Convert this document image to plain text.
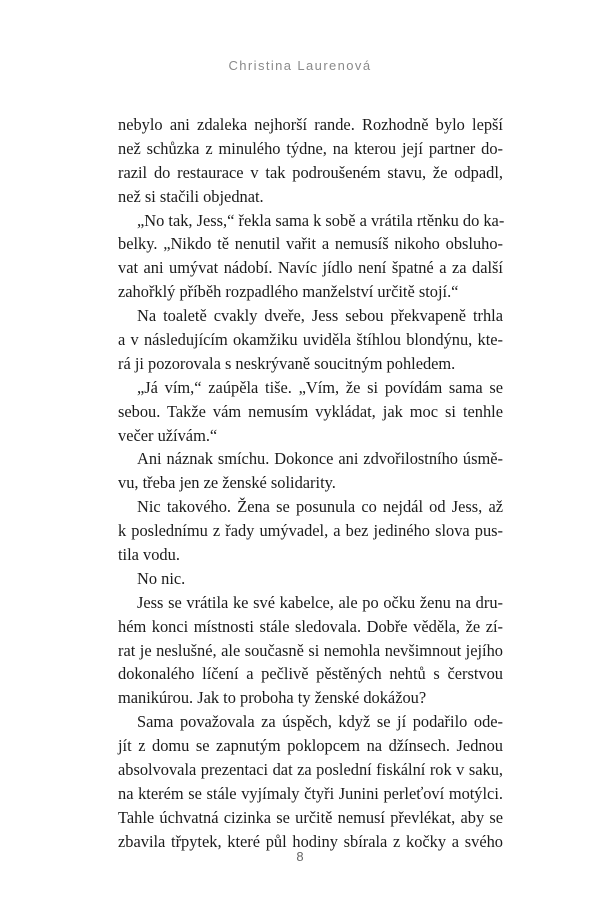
Christina Laurenová
nebylo ani zdaleka nejhorší rande. Rozhodně bylo lepší
než schůzka z minulého týdne, na kterou její partner do-
razil do restaurace v tak podroušeném stavu, že odpadl,
než si stačili objednat.
„No tak, Jess,“ řekla sama k sobě a vrátila rtěnku do ka-
belky. „Nikdo tě nenutil vařit a nemusíš nikoho obsluho-
vat ani umývat nádobí. Navíc jídlo není špatné a za další
zahořklý příběh rozpadlého manželství určitě stojí.“
Na toaletě cvakly dveře, Jess sebou překvapeně trhla
a v následujícím okamžiku uviděla štíhlou blondýnu, kte-
rá ji pozorovala s neskrývaně soucitným pohledem.
„Já vím,“ zaúpěla tiše. „Vím, že si povídám sama se
sebou. Takže vám nemusím vykládat, jak moc si tenhle
večer užívám.“
Ani náznak smíchu. Dokonce ani zdvořilostního úsmě-
vu, třeba jen ze ženské solidarity.
Nic takového. Žena se posunula co nejdál od Jess, až
k poslednímu z řady umývadel, a bez jediného slova pus-
tila vodu.
No nic.
Jess se vrátila ke své kabelce, ale po očku ženu na dru-
hém konci místnosti stále sledovala. Dobře věděla, že zí-
rat je neslušné, ale současně si nemohla nevšimnout jejího
dokonalého líčení a pečlivě pěstěných nehtů s čerstvou
manikúrou. Jak to proboha ty ženské dokážou?
Sama považovala za úspěch, když se jí podařilo ode-
jít z domu se zapnutým poklopcem na džínsech. Jednou
absolvovala prezentaci dat za poslední fiskální rok v saku,
na kterém se stále vyjímaly čtyři Junini perleťoví motýlci.
Tahle úchvatná cizinka se určitě nemusí převlékat, aby se
zbavila třpytek, které půl hodiny sbírala z kočky a svého
8
